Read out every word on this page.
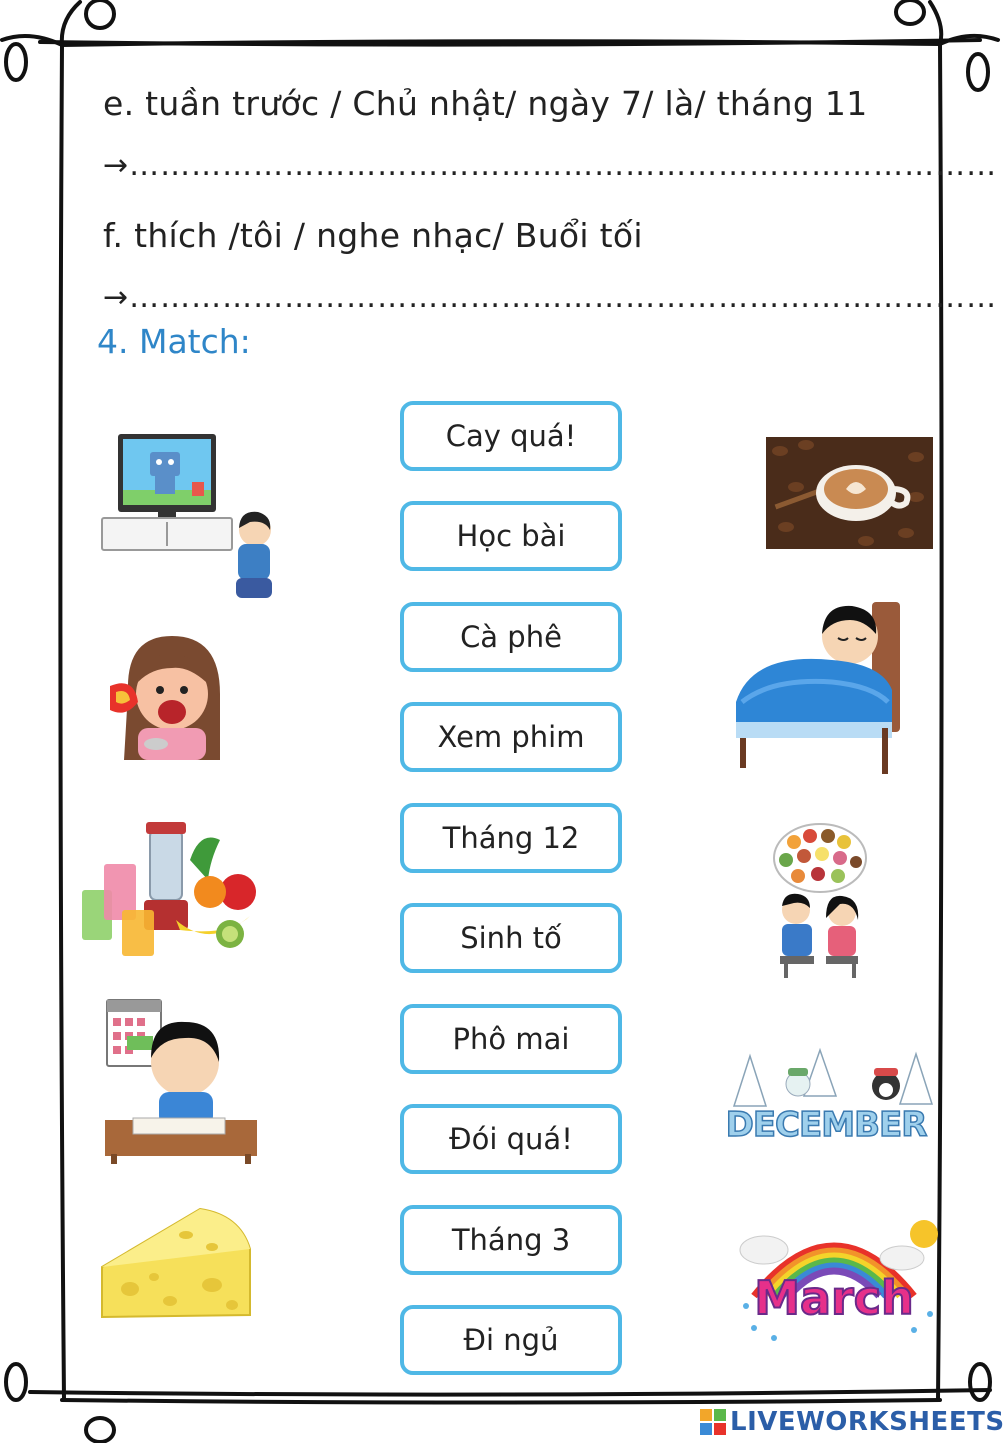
e. tuần trước / Chủ nhật/ ngày 7/ là/ tháng 11
→…………………………………………………………………………
f. thích /tôi / nghe nhạc/ Buổi tối
→…………………………………………………………………………
4. Match:
Cay quá!
Học bài
Cà phê
Xem phim
Tháng 12
Sinh tố
Phô mai
Đói quá!
Tháng 3
Đi ngủ
DECEMBER
March
LIVEWORKSHEETS
